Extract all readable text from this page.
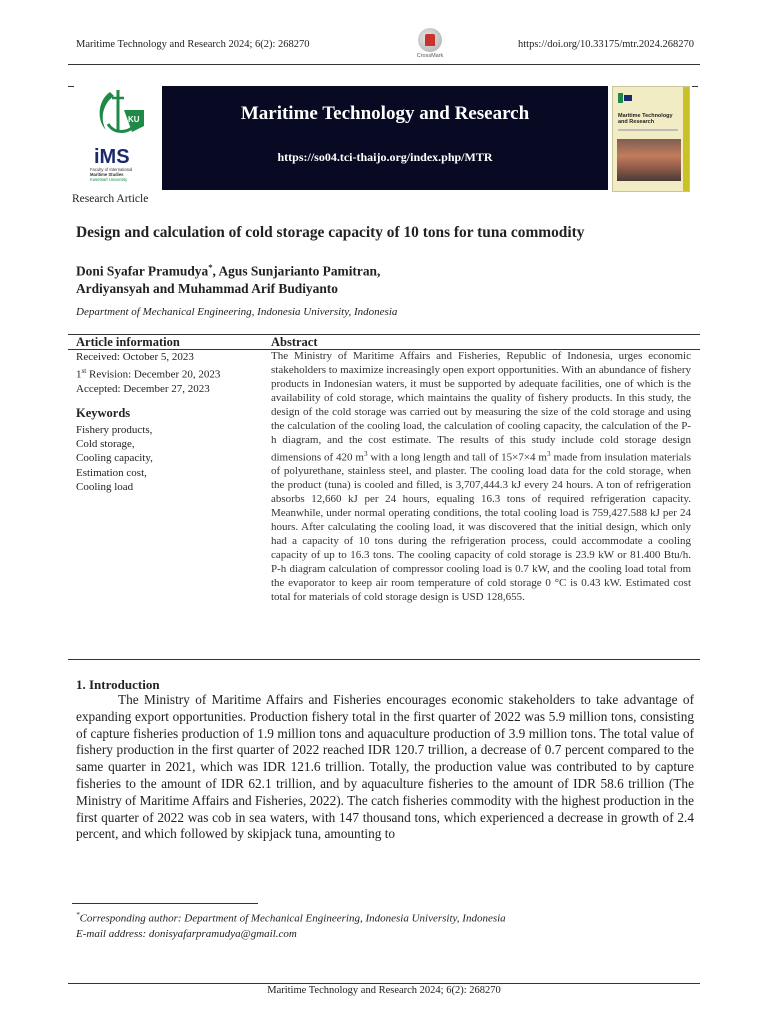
Maritime Technology and Research 2024; 6(2): 268270
CrossMark
https://doi.org/10.33175/mtr.2024.268270
KU
iMS
Faculty of International
Maritime Studies
Kasetsart University
Maritime Technology and Research
https://so04.tci-thaijo.org/index.php/MTR
Maritime Technology
and Research
Research Article
Design and calculation of cold storage capacity of 10 tons for tuna commodity
Doni Syafar Pramudya*, Agus Sunjarianto Pamitran,
Ardiyansyah and Muhammad Arif Budiyanto
Department of Mechanical Engineering, Indonesia University, Indonesia
Article information	Abstract
Received: October 5, 2023
1st Revision: December 20, 2023
Accepted: December 27, 2023
Keywords
Fishery products,
Cold storage,
Cooling capacity,
Estimation cost,
Cooling load
The Ministry of Maritime Affairs and Fisheries, Republic of Indonesia, urges economic stakeholders to maximize increasingly open export opportunities. With an abundance of fishery products in Indonesian waters, it must be supported by adequate facilities, one of which is the availability of cold storage, which maintains the quality of fishery products. In this study, the design of the cold storage was carried out by measuring the size of the cold storage and using the calculation of the cooling load, the calculation of cooling capacity, the calculation of the P-h diagram, and the cost estimate. The results of this study include cold storage design dimensions of 420 $m^3$ with a long length and tall of 15×7×4 $m^3$ made from insulation materials of polyurethane, stainless steel, and plaster. The cooling load data for the cold storage, when the product (tuna) is cooled and filled, is 3,707,444.3 kJ every 24 hours. A ton of refrigeration absorbs 12,660 kJ per 24 hours, equaling 16.3 tons of required refrigeration capacity. Meanwhile, under normal operating conditions, the total cooling load is 759,427.588 kJ per 24 hours. After calculating the cooling load, it was discovered that the initial design, which only had a capacity of 10 tons during the refrigeration process, could accommodate a cooling capacity of up to 16.3 tons. The cooling capacity of cold storage is 23.9 kW or 81.400 Btu/h. P-h diagram calculation of compressor cooling load is 0.7 kW, and the cooling load total from the evaporator to keep air room temperature of cold storage 0 °C is 0.43 kW. Estimated cost total for materials of cold storage design is USD 128,655.
1. Introduction
The Ministry of Maritime Affairs and Fisheries encourages economic stakeholders to take advantage of expanding export opportunities. Production fishery total in the first quarter of 2022 was 5.9 million tons, consisting of capture fisheries production of 1.9 million tons and aquaculture production of 3.9 million tons. The total value of fishery production in the first quarter of 2022 reached IDR 120.7 trillion, a decrease of 0.7 percent compared to the same quarter in 2021, which was IDR 121.6 trillion. Totally, the production value was contributed to by capture fisheries to the amount of IDR 62.1 trillion, and by aquaculture fisheries to the amount of IDR 58.6 trillion (The Ministry of Maritime Affairs and Fisheries, 2022). The catch fisheries commodity with the highest production in the first quarter of 2022 was cob in sea waters, with 147 thousand tons, which experienced a decrease in growth of 2.4 percent, and which followed by skipjack tuna, amounting to
*Corresponding author: Department of Mechanical Engineering, Indonesia University, Indonesia
E-mail address: donisyafarpramudya@gmail.com
Maritime Technology and Research 2024; 6(2): 268270
